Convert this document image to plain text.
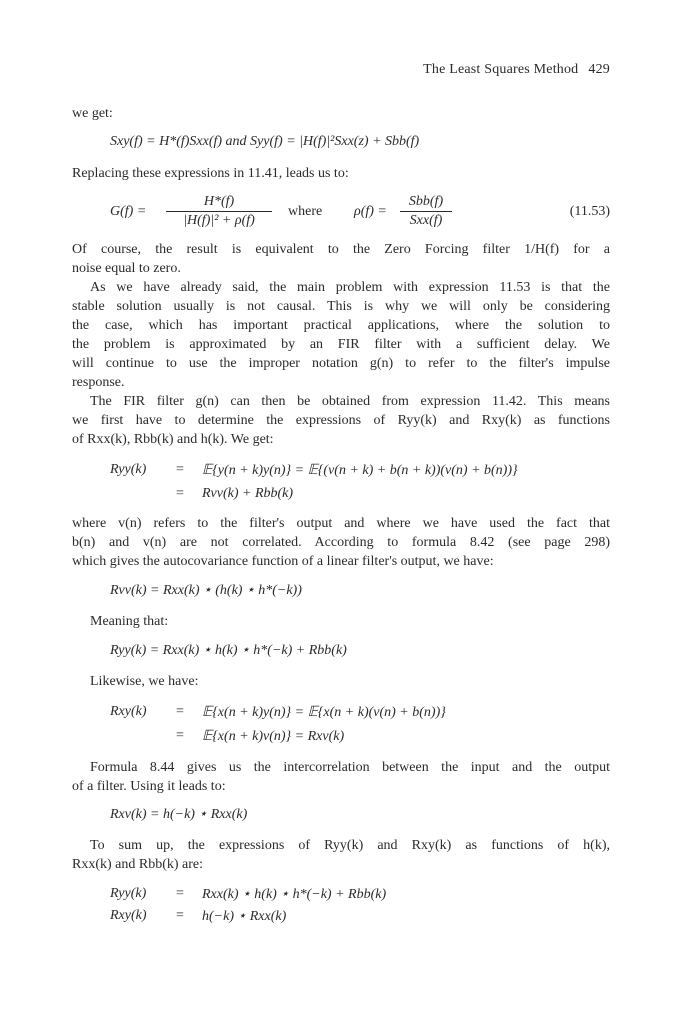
The Least Squares Method 429
we get:
Sxy(f) = H*(f)Sxx(f) and Syy(f) = |H(f)|²Sxx(z) + Sbb(f)
Replacing these expressions in 11.41, leads us to:
G(f) =
H*(f)
|H(f)|² + ρ(f)
where ρ(f) =
Sbb(f)
Sxx(f)
(11.53)
Of course, the result is equivalent to the Zero Forcing filter 1/H(f) for a
noise equal to zero.
As we have already said, the main problem with expression 11.53 is that the
stable solution usually is not causal. This is why we will only be considering
the case, which has important practical applications, where the solution to
the problem is approximated by an FIR filter with a sufficient delay. We
will continue to use the improper notation g(n) to refer to the filter's impulse
response.
The FIR filter g(n) can then be obtained from expression 11.42. This means
we first have to determine the expressions of Ryy(k) and Rxy(k) as functions
of Rxx(k), Rbb(k) and h(k). We get:
Ryy(k) = 𝔼{y(n + k)y(n)} = 𝔼{(v(n + k) + b(n + k))(v(n) + b(n))}
= Rvv(k) + Rbb(k)
where v(n) refers to the filter's output and where we have used the fact that
b(n) and v(n) are not correlated. According to formula 8.42 (see page 298)
which gives the autocovariance function of a linear filter's output, we have:
Rvv(k) = Rxx(k) ⋆ (h(k) ⋆ h*(−k))
Meaning that:
Ryy(k) = Rxx(k) ⋆ h(k) ⋆ h*(−k) + Rbb(k)
Likewise, we have:
Rxy(k) = 𝔼{x(n + k)y(n)} = 𝔼{x(n + k)(v(n) + b(n))}
= 𝔼{x(n + k)v(n)} = Rxv(k)
Formula 8.44 gives us the intercorrelation between the input and the output
of a filter. Using it leads to:
Rxv(k) = h(−k) ⋆ Rxx(k)
To sum up, the expressions of Ryy(k) and Rxy(k) as functions of h(k),
Rxx(k) and Rbb(k) are:
Ryy(k) = Rxx(k) ⋆ h(k) ⋆ h*(−k) + Rbb(k)
Rxy(k) = h(−k) ⋆ Rxx(k)
